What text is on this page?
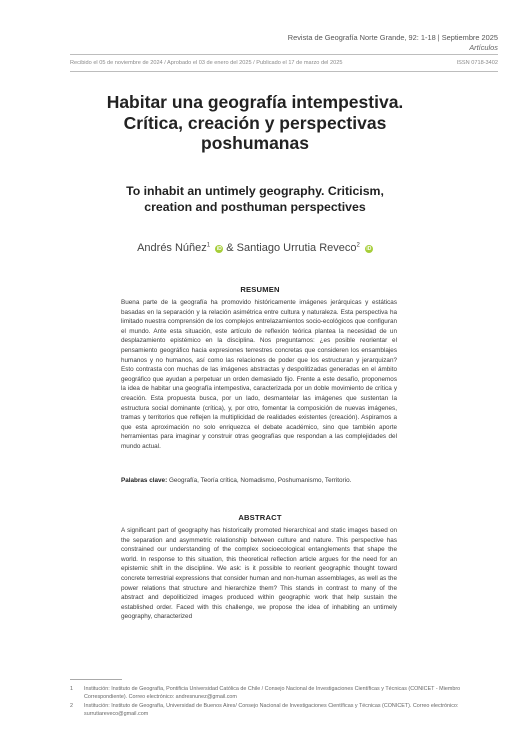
Revista de Geografía Norte Grande, 92: 1-18 | Septiembre 2025
Artículos
Recibido el 05 de noviembre de 2024 / Aprobado el 03 de enero del 2025 / Publicado el 17 de marzo del 2025	ISSN 0718-3402
Habitar una geografía intempestiva. Crítica, creación y perspectivas poshumanas
To inhabit an untimely geography. Criticism, creation and posthuman perspectives
Andrés Núñez$^1$ iD & Santiago Urrutia Reveco$^2$ iD
RESUMEN
Buena parte de la geografía ha promovido históricamente imágenes jerárquicas y estáticas basadas en la separación y la relación asimétrica entre cultura y naturaleza. Esta perspectiva ha limitado nuestra comprensión de los complejos entrelazamientos socio-ecológicos que configuran el mundo. Ante esta situación, este artículo de reflexión teórica plantea la necesidad de un desplazamiento epistémico en la disciplina. Nos preguntamos: ¿es posible reorientar el pensamiento geográfico hacia expresiones terrestres concretas que consideren los ensamblajes humanos y no humanos, así como las relaciones de poder que los estructuran y jerarquizan? Esto contrasta con muchas de las imágenes abstractas y despolitizadas generadas en el ámbito geográfico que ayudan a perpetuar un orden demasiado fijo. Frente a este desafío, proponemos la idea de habitar una geografía intempestiva, caracterizada por un doble movimiento de crítica y creación. Esta propuesta busca, por un lado, desmantelar las imágenes que sustentan la estructura social dominante (crítica), y, por otro, fomentar la composición de nuevas imágenes, tramas y territorios que reflejen la multiplicidad de realidades existentes (creación). Aspiramos a que esta aproximación no solo enriquezca el debate académico, sino que también aporte herramientas para imaginar y construir otras geografías que respondan a las complejidades del mundo actual.
Palabras clave: Geografía, Teoría crítica, Nomadismo, Poshumanismo, Territorio.
ABSTRACT
A significant part of geography has historically promoted hierarchical and static images based on the separation and asymmetric relationship between culture and nature. This perspective has constrained our understanding of the complex socioecological entanglements that shape the world. In response to this situation, this theoretical reflection article argues for the need for an epistemic shift in the discipline. We ask: is it possible to reorient geographic thought toward concrete terrestrial expressions that consider human and non-human assemblages, as well as the power relations that structure and hierarchize them? This stands in contrast to many of the abstract and depoliticized images produced within geographic work that help sustain the established order. Faced with this challenge, we propose the idea of inhabiting an untimely geography, characterized
1 Institución: Instituto de Geografía, Pontificia Universidad Católica de Chile / Consejo Nacional de Investigaciones Científicas y Técnicas (CONICET - Miembro Correspondiente). Correo electrónico: andresnunez@gmail.com
2 Institución: Instituto de Geografía, Universidad de Buenos Aires/ Consejo Nacional de Investigaciones Científicas y Técnicas (CONICET). Correo electrónico: surrutiareveco@gmail.com
